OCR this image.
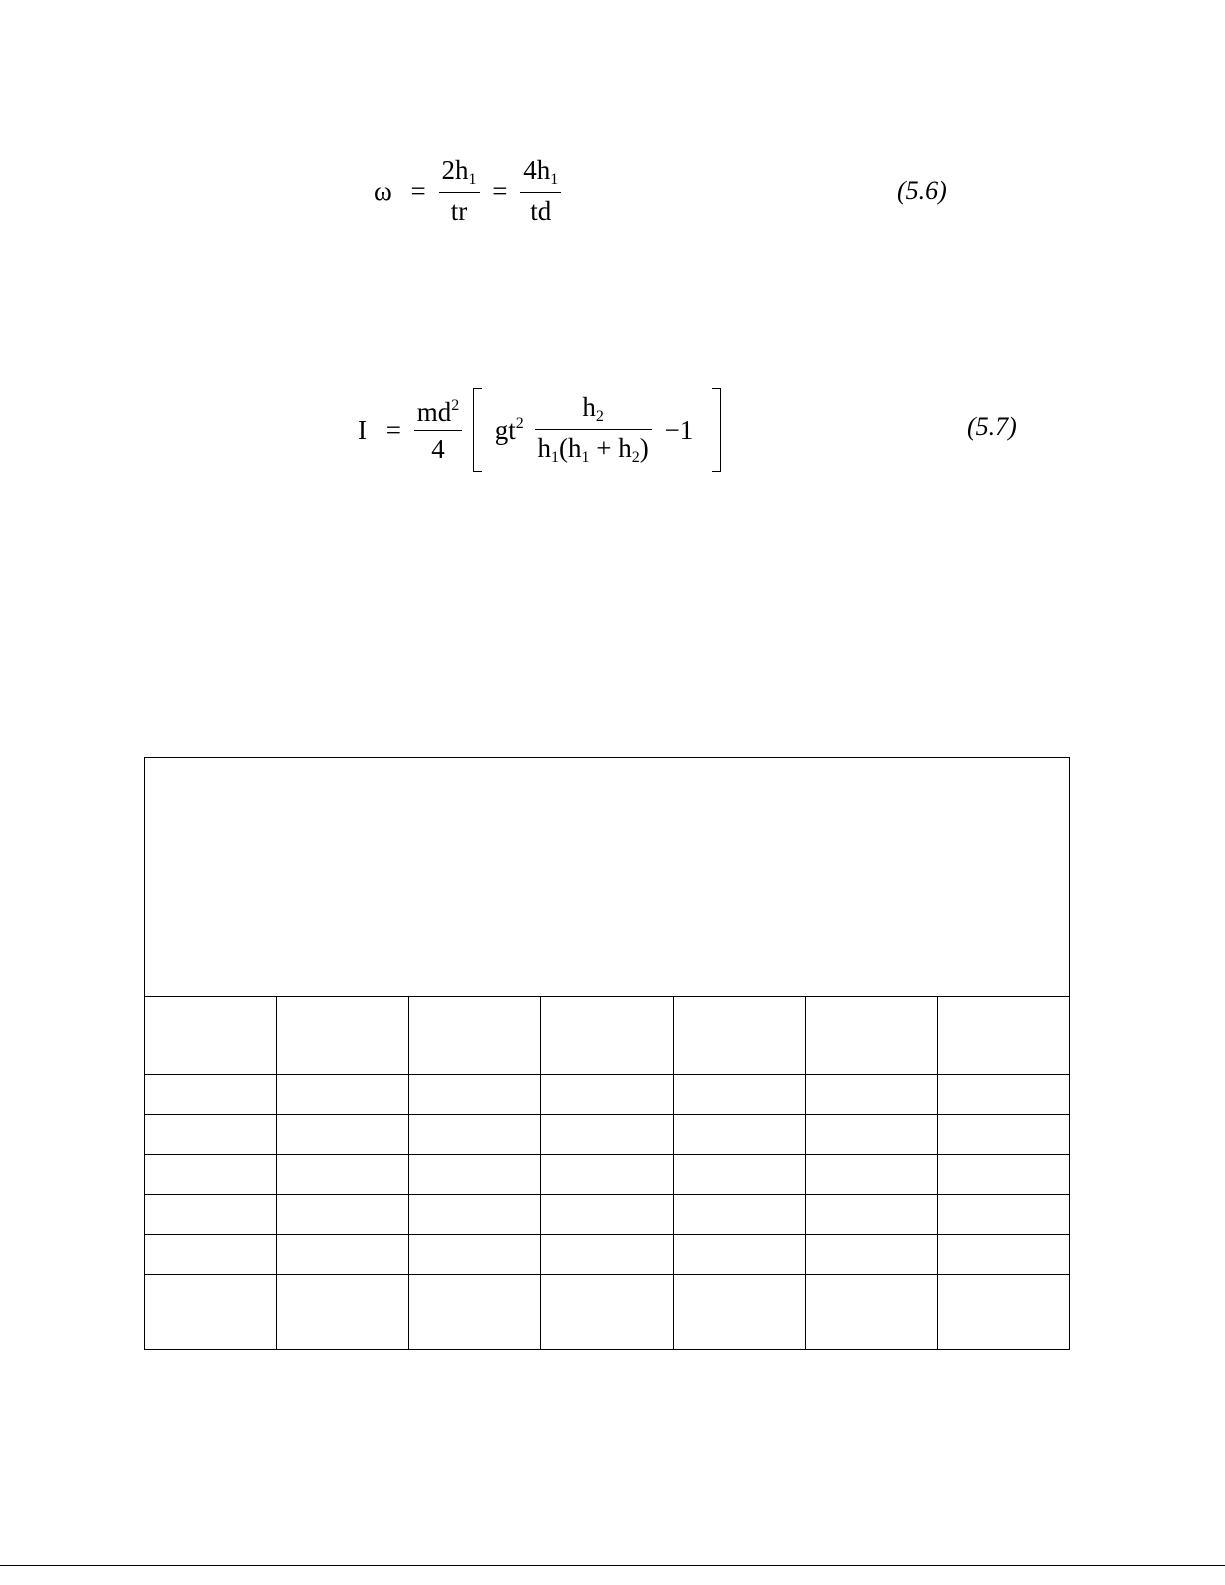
$\omega = \frac{2h_1}{tr} = \frac{4h_1}{td}$	(5.6)
$I = \frac{md^2}{4} gt^2 \frac{h_2}{h_1(h_1 + h_2)} -1$	(5.7)
